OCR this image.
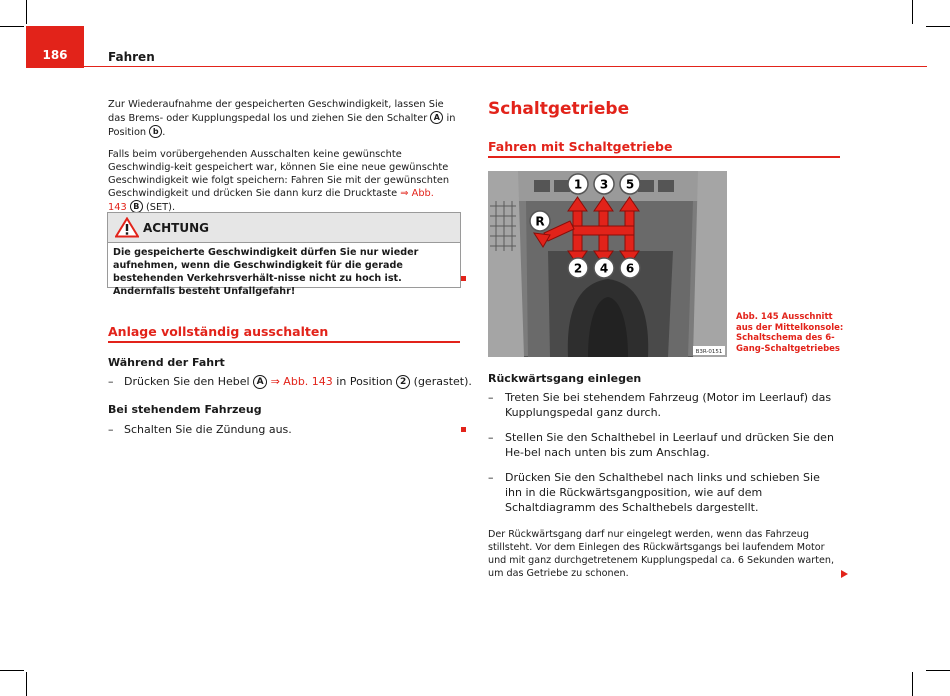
186	Fahren

Zur Wiederaufnahme der gespeicherten Geschwindigkeit, lassen Sie das Brems- oder Kupplungspedal los und ziehen Sie den Schalter A in Position b .

Falls beim vorübergehenden Ausschalten keine gewünschte Geschwindig-keit gespeichert war, können Sie eine neue gewünschte Geschwindigkeit wie folgt speichern: Fahren Sie mit der gewünschten Geschwindigkeit und drücken Sie dann kurz die Drucktaste ⇒ Abb. 143 B (SET).

ACHTUNG
Die gespeicherte Geschwindigkeit dürfen Sie nur wieder aufnehmen, wenn die Geschwindigkeit für die gerade bestehenden Verkehrsverhält-nisse nicht zu hoch ist. Andernfalls besteht Unfallgefahr!
Anlage vollständig ausschalten
Während der Fahrt
– Drücken Sie den Hebel A ⇒ Abb. 143 in Position 2 (gerastet).
Bei stehendem Fahrzeug
– Schalten Sie die Zündung aus.
Schaltgetriebe
Fahren mit Schaltgetriebe
1 3 5
2 4 6
R
B3R-0151
Abb. 145 Ausschnitt aus der Mittelkonsole: Schaltschema des 6-Gang-Schaltgetriebes
Rückwärtsgang einlegen
– Treten Sie bei stehendem Fahrzeug (Motor im Leerlauf) das Kupplungspedal ganz durch.
– Stellen Sie den Schalthebel in Leerlauf und drücken Sie den He-bel nach unten bis zum Anschlag.
– Drücken Sie den Schalthebel nach links und schieben Sie ihn in die Rückwärtsgangposition, wie auf dem Schaltdiagramm des Schalthebels dargestellt.

Der Rückwärtsgang darf nur eingelegt werden, wenn das Fahrzeug stillsteht. Vor dem Einlegen des Rückwärtsgangs bei laufendem Motor und mit ganz durchgetretenem Kupplungspedal ca. 6 Sekunden warten, um das Getriebe zu schonen.
